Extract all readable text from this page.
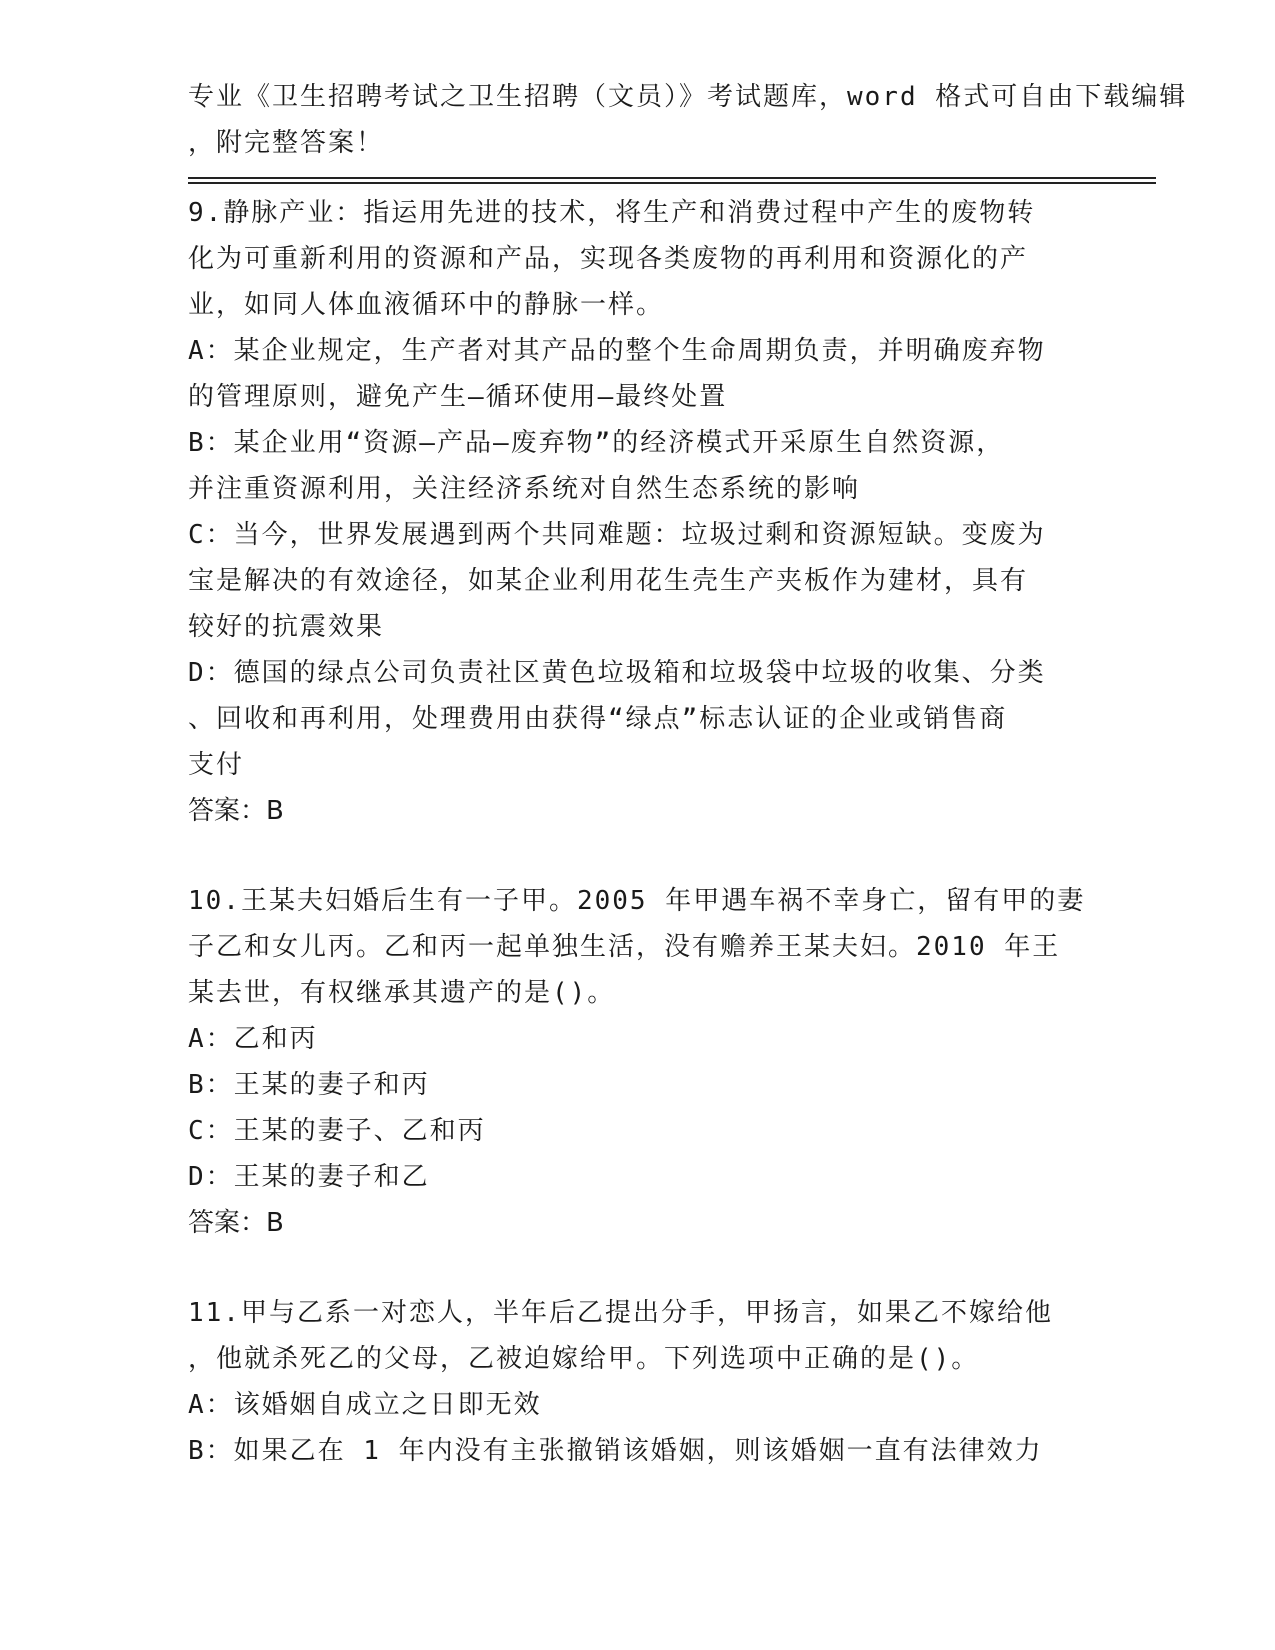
专业《卫生招聘考试之卫生招聘（文员）》考试题库，word 格式可自由下载编辑
，附完整答案！
9.静脉产业：指运用先进的技术，将生产和消费过程中产生的废物转
化为可重新利用的资源和产品，实现各类废物的再利用和资源化的产
业，如同人体血液循环中的静脉一样。
A：某企业规定，生产者对其产品的整个生命周期负责，并明确废弃物
的管理原则，避免产生—循环使用—最终处置
B：某企业用“资源—产品—废弃物”的经济模式开采原生自然资源，
并注重资源利用，关注经济系统对自然生态系统的影响
C：当今，世界发展遇到两个共同难题：垃圾过剩和资源短缺。变废为
宝是解决的有效途径，如某企业利用花生壳生产夹板作为建材，具有
较好的抗震效果
D：德国的绿点公司负责社区黄色垃圾箱和垃圾袋中垃圾的收集、分类
、回收和再利用，处理费用由获得“绿点”标志认证的企业或销售商
支付
答案：B
10.王某夫妇婚后生有一子甲。2005 年甲遇车祸不幸身亡，留有甲的妻
子乙和女儿丙。乙和丙一起单独生活，没有赡养王某夫妇。2010 年王
某去世，有权继承其遗产的是()。
A：乙和丙
B：王某的妻子和丙
C：王某的妻子、乙和丙
D：王某的妻子和乙
答案：B
11.甲与乙系一对恋人，半年后乙提出分手，甲扬言，如果乙不嫁给他
，他就杀死乙的父母，乙被迫嫁给甲。下列选项中正确的是()。
A：该婚姻自成立之日即无效
B：如果乙在 1 年内没有主张撤销该婚姻，则该婚姻一直有法律效力
